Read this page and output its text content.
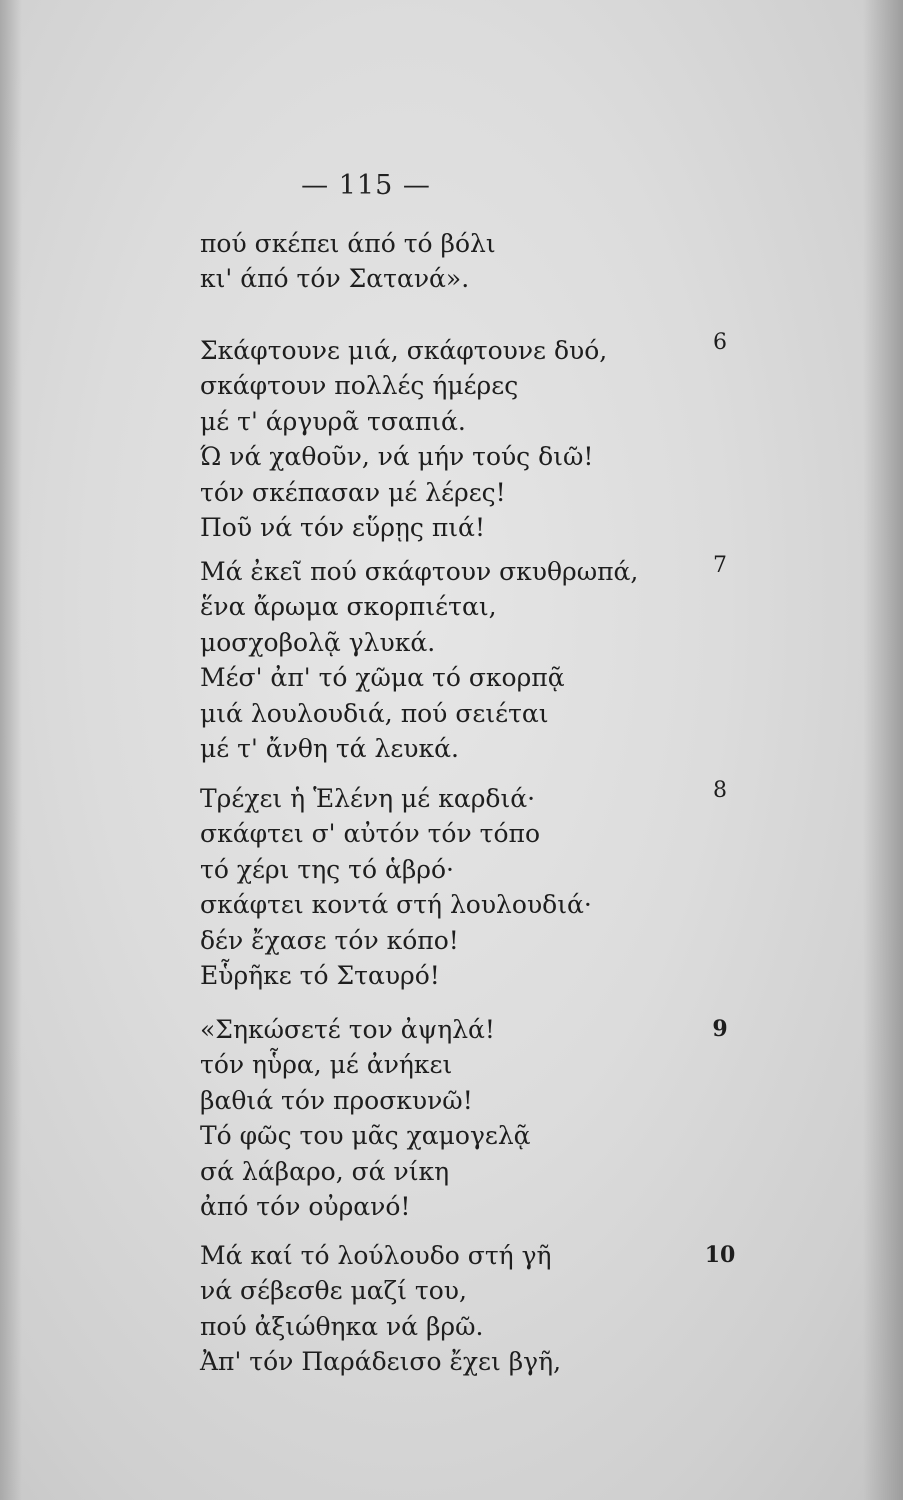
— 115 —
πού σκέπει άπό τό βόλι
κι' άπό τόν Σατανά».
6
Σκάφτουνε μιά, σκάφτουνε δυό,
σκάφτουν πολλές ήμέρες
μέ τ' άργυρᾶ τσαπιά.
Ώ νά χαθοῦν, νά μήν τούς διῶ!
τόν σκέπασαν μέ λέρες!
Ποῦ νά τόν εὕρῃς πιά!
7
Μά ἐκεῖ πού σκάφτουν σκυθρωπά,
ἕνα ἄρωμα σκορπιέται,
μοσχοβολᾷ γλυκά.
Μέσ' ἀπ' τό χῶμα τό σκορπᾷ
μιά λουλουδιά, πού σειέται
μέ τ' ἄνθη τά λευκά.
8
Τρέχει ἡ Ἑλένη μέ καρδιά·
σκάφτει σ' αὐτόν τόν τόπο
τό χέρι της τό ἁβρό·
σκάφτει κοντά στή λουλουδιά·
δέν ἔχασε τόν κόπο!
Εὗρῆκε τό Σταυρό!
9
«Σηκώσετέ τον ἀψηλά!
τόν ηὗρα, μέ ἀνήκει
βαθιά τόν προσκυνῶ!
Τό φῶς του μᾶς χαμογελᾷ
σά λάβαρο, σά νίκη
ἀπό τόν οὐρανό!
10
Μά καί τό λούλουδο στή γῆ
νά σέβεσθε μαζί του,
πού ἀξιώθηκα νά βρῶ.
Ἀπ' τόν Παράδεισο ἔχει βγῆ,
